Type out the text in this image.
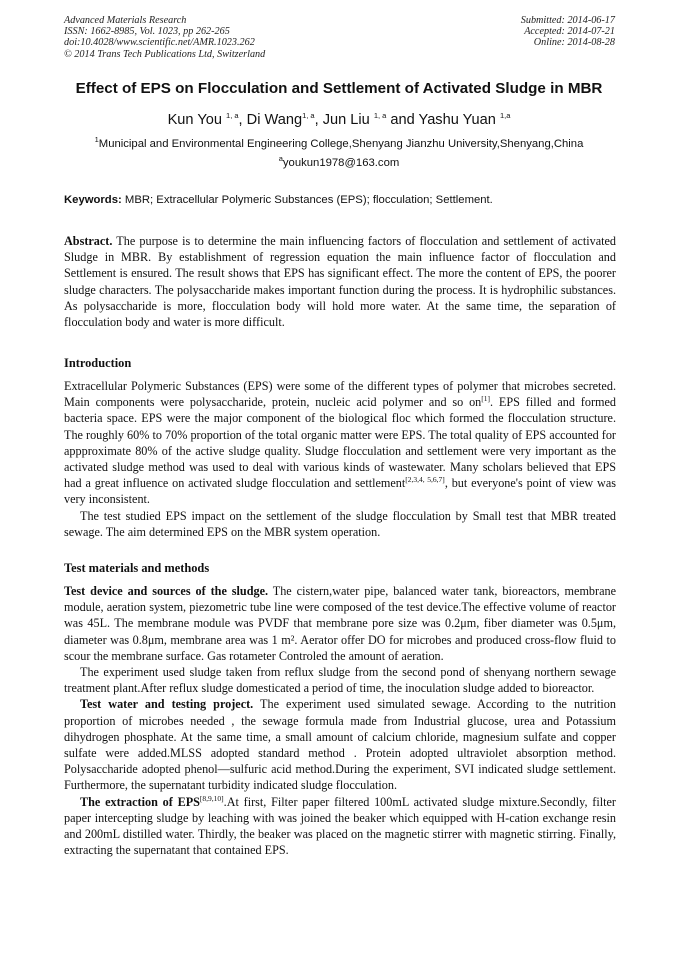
Advanced Materials Research
ISSN: 1662-8985, Vol. 1023, pp 262-265
doi:10.4028/www.scientific.net/AMR.1023.262
© 2014 Trans Tech Publications Ltd, Switzerland
Submitted: 2014-06-17
Accepted: 2014-07-21
Online: 2014-08-28
Effect of EPS on Flocculation and Settlement of Activated Sludge in MBR
Kun You $^{1, a}$, Di Wang$^{1, a}$, Jun Liu $^{1, a}$ and Yashu Yuan $^{1,a}$
$^1$Municipal and Environmental Engineering College,Shenyang Jianzhu University,Shenyang,China
$^a$youkun1978@163.com
Keywords: MBR; Extracellular Polymeric Substances (EPS); flocculation; Settlement.

Abstract. The purpose is to determine the main influencing factors of flocculation and settlement of activated Sludge in MBR. By establishment of regression equation the main influence factor of flocculation and Settlement is ensured. The result shows that EPS has significant effect. The more the content of EPS, the poorer sludge characters. The polysaccharide makes important function during the process. It is hydrophilic substances. As polysaccharide is more, flocculation body will hold more water. At the same time, the separation of flocculation body and water is more difficult.

Introduction

Extracellular Polymeric Substances (EPS) were some of the different types of polymer that microbes secreted. Main components were polysaccharide, protein, nucleic acid polymer and so on[1]. EPS filled and formed bacteria space. EPS were the major component of the biological floc which formed the flocculation structure. The roughly 60% to 70% proportion of the total organic matter were EPS. The total quality of EPS accounted for appproximate 80% of the active sludge quality. Sludge flocculation and settlement were very important as the activated sludge method was used to deal with various kinds of wastewater. Many scholars believed that EPS had a great influence on activated sludge flocculation and settlement[2,3,4, 5,6,7], but everyone's point of view was very inconsistent.

The test studied EPS impact on the settlement of the sludge flocculation by Small test that MBR treated sewage. The aim determined EPS on the MBR system operation.

Test materials and methods

Test device and sources of the sludge. The cistern,water pipe, balanced water tank, bioreactors, membrane module, aeration system, piezometric tube line were composed of the test device.The effective volume of reactor was 45L. The membrane module was PVDF that membrane pore size was 0.2μm, fiber diameter was 0.5μm, diameter was 0.8μm, membrane area was 1 m². Aerator offer DO for microbes and produced cross-flow fluid to scour the membrane surface. Gas rotameter Controled the amount of aeration.

The experiment used sludge taken from reflux sludge from the second pond of shenyang northern sewage treatment plant.After reflux sludge domesticated a period of time, the inoculation sludge added to bioreactor.

Test water and testing project. The experiment used simulated sewage. According to the nutrition proportion of microbes needed , the sewage formula made from Industrial glucose, urea and Potassium dihydrogen phosphate. At the same time, a small amount of calcium chloride, magnesium sulfate and copper sulfate were added.MLSS adopted standard method . Protein adopted ultraviolet absorption method. Polysaccharide adopted phenol—sulfuric acid method.During the experiment, SVI indicated sludge settlement. Furthermore, the supernatant turbidity indicated sludge flocculation.

The extraction of EPS[8,9,10].At first, Filter paper filtered 100mL activated sludge mixture.Secondly, filter paper intercepting sludge by leaching with was joined the beaker which equipped with H-cation exchange resin and 200mL distilled water. Thirdly, the beaker was placed on the magnetic stirrer with magnetic stirring. Finally, extracting the supernatant that contained EPS.
